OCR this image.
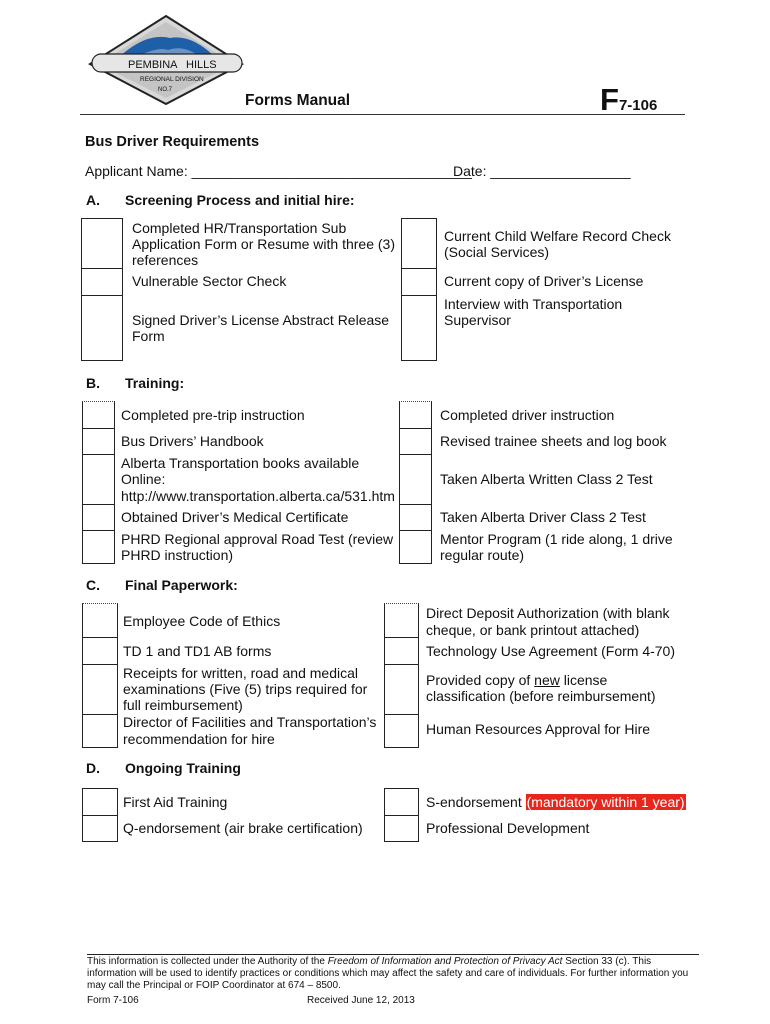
PEMBINA HILLS
REGIONAL DIVISION
NO.7
Forms Manual	F7-106
Bus Driver Requirements
Applicant Name: ____________________________________
Date: __________________
A. Screening Process and initial hire:
Completed HR/Transportation Sub
Application Form or Resume with three (3)
references
Vulnerable Sector Check
Signed Driver’s License Abstract Release
Form
Current Child Welfare Record Check
(Social Services)
Current copy of Driver’s License
Interview with Transportation
Supervisor
B. Training:
Completed pre-trip instruction
Bus Drivers’ Handbook
Alberta Transportation books available
Online:
http://www.transportation.alberta.ca/531.htm
Obtained Driver’s Medical Certificate
PHRD Regional approval Road Test (review
PHRD instruction)
Completed driver instruction
Revised trainee sheets and log book
Taken Alberta Written Class 2 Test
Taken Alberta Driver Class 2 Test
Mentor Program (1 ride along, 1 drive
regular route)
C. Final Paperwork:
Employee Code of Ethics
TD 1 and TD1 AB forms
Receipts for written, road and medical
examinations (Five (5) trips required for
full reimbursement)
Director of Facilities and Transportation’s
recommendation for hire
Direct Deposit Authorization (with blank
cheque, or bank printout attached)
Technology Use Agreement (Form 4-70)
Provided copy of new license
classification (before reimbursement)
Human Resources Approval for Hire
D. Ongoing Training
First Aid Training
Q-endorsement (air brake certification)
S-endorsement (mandatory within 1 year)
Professional Development
This information is collected under the Authority of the Freedom of Information and Protection of Privacy Act Section 33 (c). This information will be used to identify practices or conditions which may affect the safety and care of individuals. For further information you may call the Principal or FOIP Coordinator at 674 – 8500.
Form 7-106	Received June 12, 2013
